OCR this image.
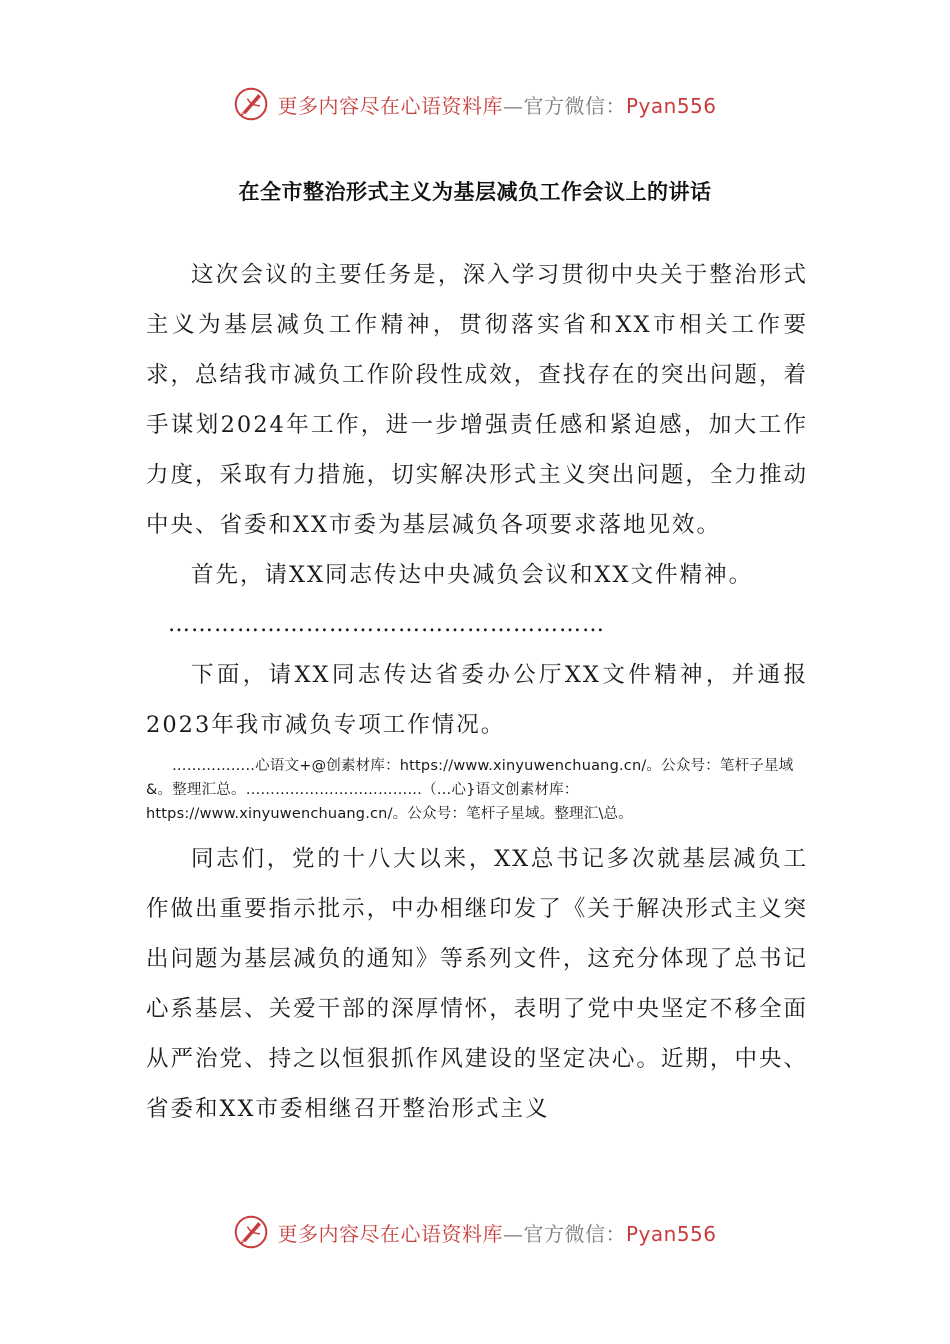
更多内容尽在心语资料库—官方微信：Pyan556
在全市整治形式主义为基层减负工作会议上的讲话

这次会议的主要任务是，深入学习贯彻中央关于整治形式主义为基层减负工作精神，贯彻落实省和XX市相关工作要求，总结我市减负工作阶段性成效，查找存在的突出问题，着手谋划2024年工作，进一步增强责任感和紧迫感，加大工作力度，采取有力措施，切实解决形式主义突出问题，全力推动中央、省委和XX市委为基层减负各项要求落地见效。

首先，请XX同志传达中央减负会议和XX文件精神。

…………………………………………………

下面，请XX同志传达省委办公厅XX文件精神，并通报2023年我市减负专项工作情况。

……………..心语文+@创素材库：https://www.xinyuwenchuang.cn/。公众号：笔杆子星域&。整理汇总。………………………………（…心}语文创素材库：https://www.xinyuwenchuang.cn/。公众号：笔杆子星域。整理汇\总。

同志们，党的十八大以来，XX总书记多次就基层减负工作做出重要指示批示，中办相继印发了《关于解决形式主义突出问题为基层减负的通知》等系列文件，这充分体现了总书记心系基层、关爱干部的深厚情怀，表明了党中央坚定不移全面从严治党、持之以恒狠抓作风建设的坚定决心。近期，中央、省委和XX市委相继召开整治形式主义

更多内容尽在心语资料库—官方微信：Pyan556
